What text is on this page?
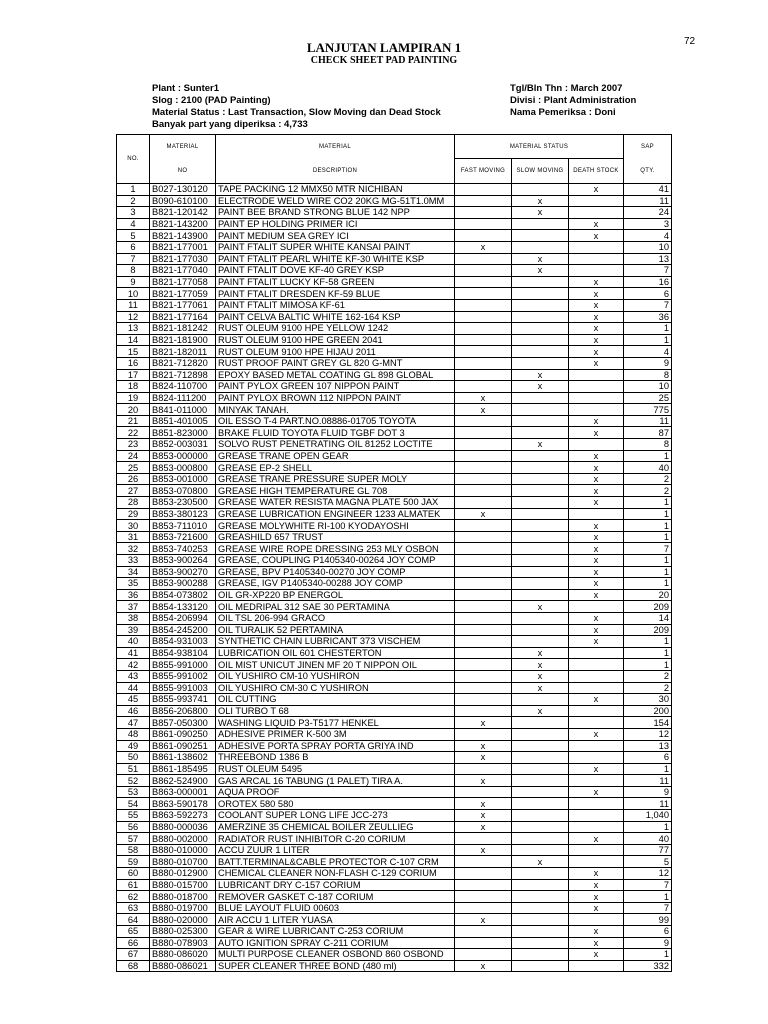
72
LANJUTAN LAMPIRAN 1
CHECK SHEET PAD PAINTING
Plant : Sunter1
Slog : 2100 (PAD Painting)
Material Status : Last Transaction, Slow Moving dan Dead Stock
Banyak part yang diperiksa : 4,733
Tgl/Bln Thn : March 2007
Divisi : Plant Administration
Nama Pemeriksa : Doni
NO.	MATERIAL	MATERIAL	MATERIAL STATUS			SAP
	NO	DESCRIPTION	FAST MOVING	SLOW MOVING	DEATH STOCK	QTY.
1	B027-130120	TAPE PACKING 12 MMX50 MTR NICHIBAN			x	41
2	B090-610100	ELECTRODE WELD WIRE CO2 20KG MG-51T1.0MM		x		11
3	B821-120142	PAINT BEE BRAND STRONG BLUE 142 NPP		x		24
4	B821-143200	PAINT EP HOLDING PRIMER ICI			x	3
5	B821-143900	PAINT MEDIUM SEA GREY ICI			x	4
6	B821-177001	PAINT FTALIT SUPER WHITE KANSAI PAINT	x			10
7	B821-177030	PAINT FTALIT PEARL WHITE KF-30 WHITE KSP		x		13
8	B821-177040	PAINT FTALIT DOVE KF-40 GREY KSP		x		7
9	B821-177058	PAINT FTALIT LUCKY KF-58 GREEN			x	16
10	B821-177059	PAINT FTALIT DRESDEN KF-59 BLUE			x	6
11	B821-177061	PAINT FTALIT MIMOSA KF-61			x	7
12	B821-177164	PAINT CELVA BALTIC WHITE 162-164 KSP			x	36
13	B821-181242	RUST OLEUM 9100 HPE YELLOW 1242			x	1
14	B821-181900	RUST OLEUM 9100 HPE GREEN 2041			x	1
15	B821-182011	RUST OLEUM 9100 HPE HIJAU 2011			x	4
16	B821-712820	RUST PROOF PAINT GREY GL 820 G-MNT			x	9
17	B821-712898	EPOXY BASED METAL COATING GL 898 GLOBAL		x		8
18	B824-110700	PAINT PYLOX GREEN 107 NIPPON PAINT		x		10
19	B824-111200	PAINT PYLOX BROWN 112 NIPPON PAINT	x			25
20	B841-011000	MINYAK TANAH.	x			775
21	B851-401005	OIL ESSO T-4 PART.NO.08886-01705 TOYOTA			x	11
22	B851-823000	BRAKE FLUID TOYOTA FLUID TGBF DOT 3			x	87
23	B852-003031	SOLVO RUST PENETRATING OIL 81252 LOCTITE		x		8
24	B853-000000	GREASE TRANE OPEN GEAR			x	1
25	B853-000800	GREASE EP-2 SHELL			x	40
26	B853-001000	GREASE TRANE PRESSURE SUPER MOLY			x	2
27	B853-070800	GREASE HIGH TEMPERATURE GL 708			x	2
28	B853-230500	GREASE WATER RESISTA MAGNA PLATE 500 JAX			x	1
29	B853-380123	GREASE LUBRICATION ENGINEER 1233 ALMATEK	x			1
30	B853-711010	GREASE MOLYWHITE RI-100 KYODAYOSHI			x	1
31	B853-721600	GREASHILD 657 TRUST			x	1
32	B853-740253	GREASE WIRE ROPE DRESSING 253 MLY OSBON			x	7
33	B853-900264	GREASE, COUPLING P1405340-00264 JOY COMP			x	1
34	B853-900270	GREASE, BPV P1405340-00270 JOY COMP			x	1
35	B853-900288	GREASE, IGV P1405340-00288 JOY COMP			x	1
36	B854-073802	OIL GR-XP220 BP ENERGOL			x	20
37	B854-133120	OIL MEDRIPAL 312 SAE 30 PERTAMINA		x		209
38	B854-206994	OIL TSL 206-994 GRACO			x	14
39	B854-245200	OIL TURALIK 52 PERTAMINA			x	209
40	B854-931003	SYNTHETIC CHAIN LUBRICANT 373 VISCHEM			x	1
41	B854-938104	LUBRICATION OIL 601 CHESTERTON		x		1
42	B855-991000	OIL MIST UNICUT JINEN MF 20 T NIPPON OIL		x		1
43	B855-991002	OIL YUSHIRO CM-10 YUSHIRON		x		2
44	B855-991003	OIL YUSHIRO CM-30 C YUSHIRON		x		2
45	B855-993741	OIL CUTTING			x	30
46	B856-206800	OLI TURBO T 68		x		200
47	B857-050300	WASHING LIQUID P3-T5177 HENKEL	x			154
48	B861-090250	ADHESIVE PRIMER K-500 3M			x	12
49	B861-090251	ADHESIVE PORTA SPRAY PORTA GRIYA IND	x			13
50	B861-138602	THREEBOND 1386 B	x			6
51	B861-185495	RUST OLEUM 5495			x	1
52	B862-524900	GAS ARCAL 16 TABUNG (1 PALET) TIRA A.	x			11
53	B863-000001	AQUA PROOF			x	9
54	B863-590178	OROTEX 580 580	x			11
55	B863-592273	COOLANT SUPER LONG LIFE JCC-273	x			1,040
56	B880-000036	AMERZINE 35 CHEMICAL BOILER ZEULLIEG	x			1
57	B880-002000	RADIATOR RUST INHIBITOR C-20 CORIUM			x	40
58	B880-010000	ACCU ZUUR 1 LITER	x			77
59	B880-010700	BATT.TERMINAL&CABLE PROTECTOR C-107 CRM		x		5
60	B880-012900	CHEMICAL CLEANER NON-FLASH C-129 CORIUM			x	12
61	B880-015700	LUBRICANT DRY C-157 CORIUM			x	7
62	B880-018700	REMOVER GASKET C-187 CORIUM			x	1
63	B880-019700	BLUE LAYOUT FLUID 00603			x	7
64	B880-020000	AIR ACCU 1 LITER YUASA	x			99
65	B880-025300	GEAR & WIRE LUBRICANT C-253 CORIUM			x	6
66	B880-078903	AUTO IGNITION SPRAY C-211 CORIUM			x	9
67	B880-086020	MULTI PURPOSE CLEANER OSBOND 860 OSBOND			x	1
68	B880-086021	SUPER CLEANER THREE BOND (480 ml)	x			332
